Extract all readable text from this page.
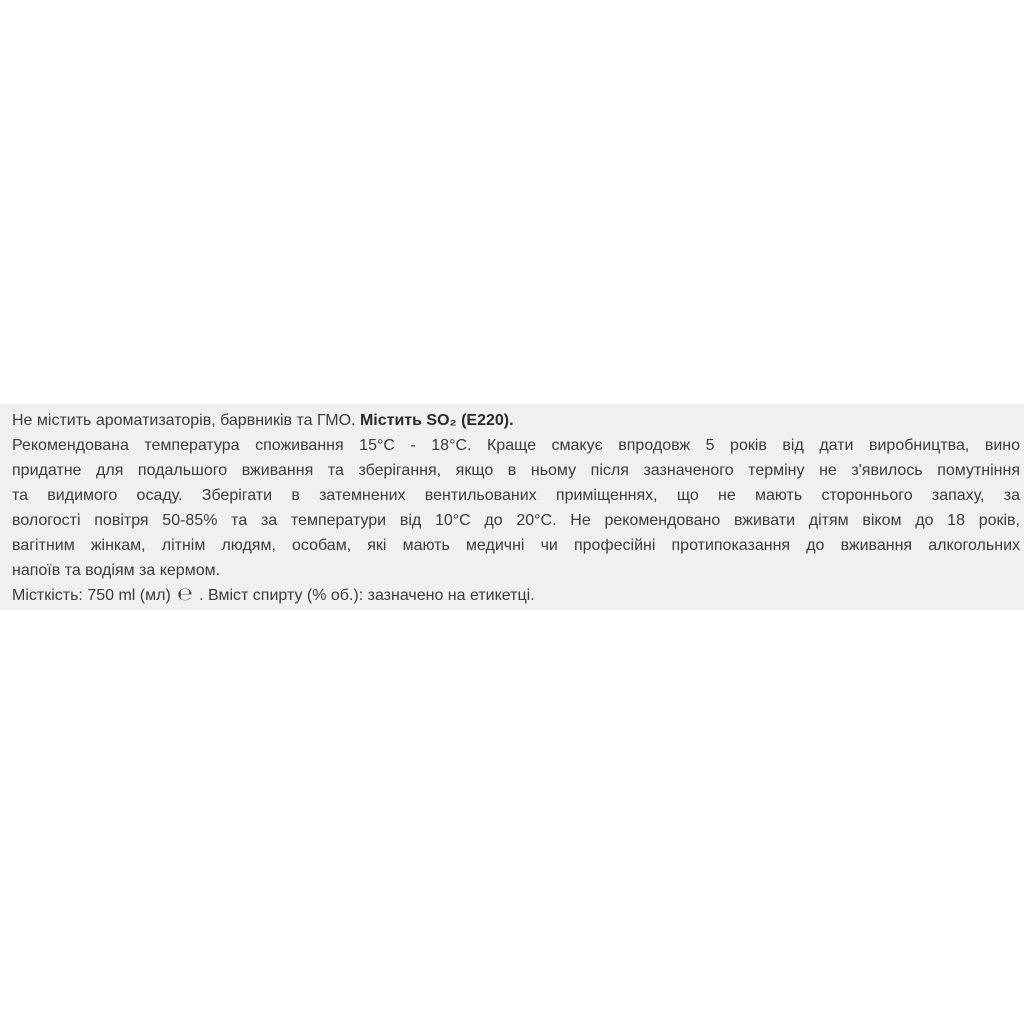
Не містить ароматизаторів, барвників та ГМО. Містить SO₂ (Е220).
Рекомендована температура споживання 15°С - 18°С. Краще смакує впродовж 5 років від дати виробництва, вино
придатне для подальшого вживання та зберігання, якщо в ньому після зазначеного терміну не з'явилось помутніння
та видимого осаду. Зберігати в затемнених вентильованих приміщеннях, що не мають стороннього запаху, за
вологості повітря 50-85% та за температури від 10°С до 20°С. Не рекомендовано вживати дітям віком до 18 років,
вагітним жінкам, літнім людям, особам, які мають медичні чи професійні протипоказання до вживання алкогольних
напоїв та водіям за кермом.
Місткість: 750 ml (мл) ℮ . Вміст спирту (% об.): зазначено на етикетці.
